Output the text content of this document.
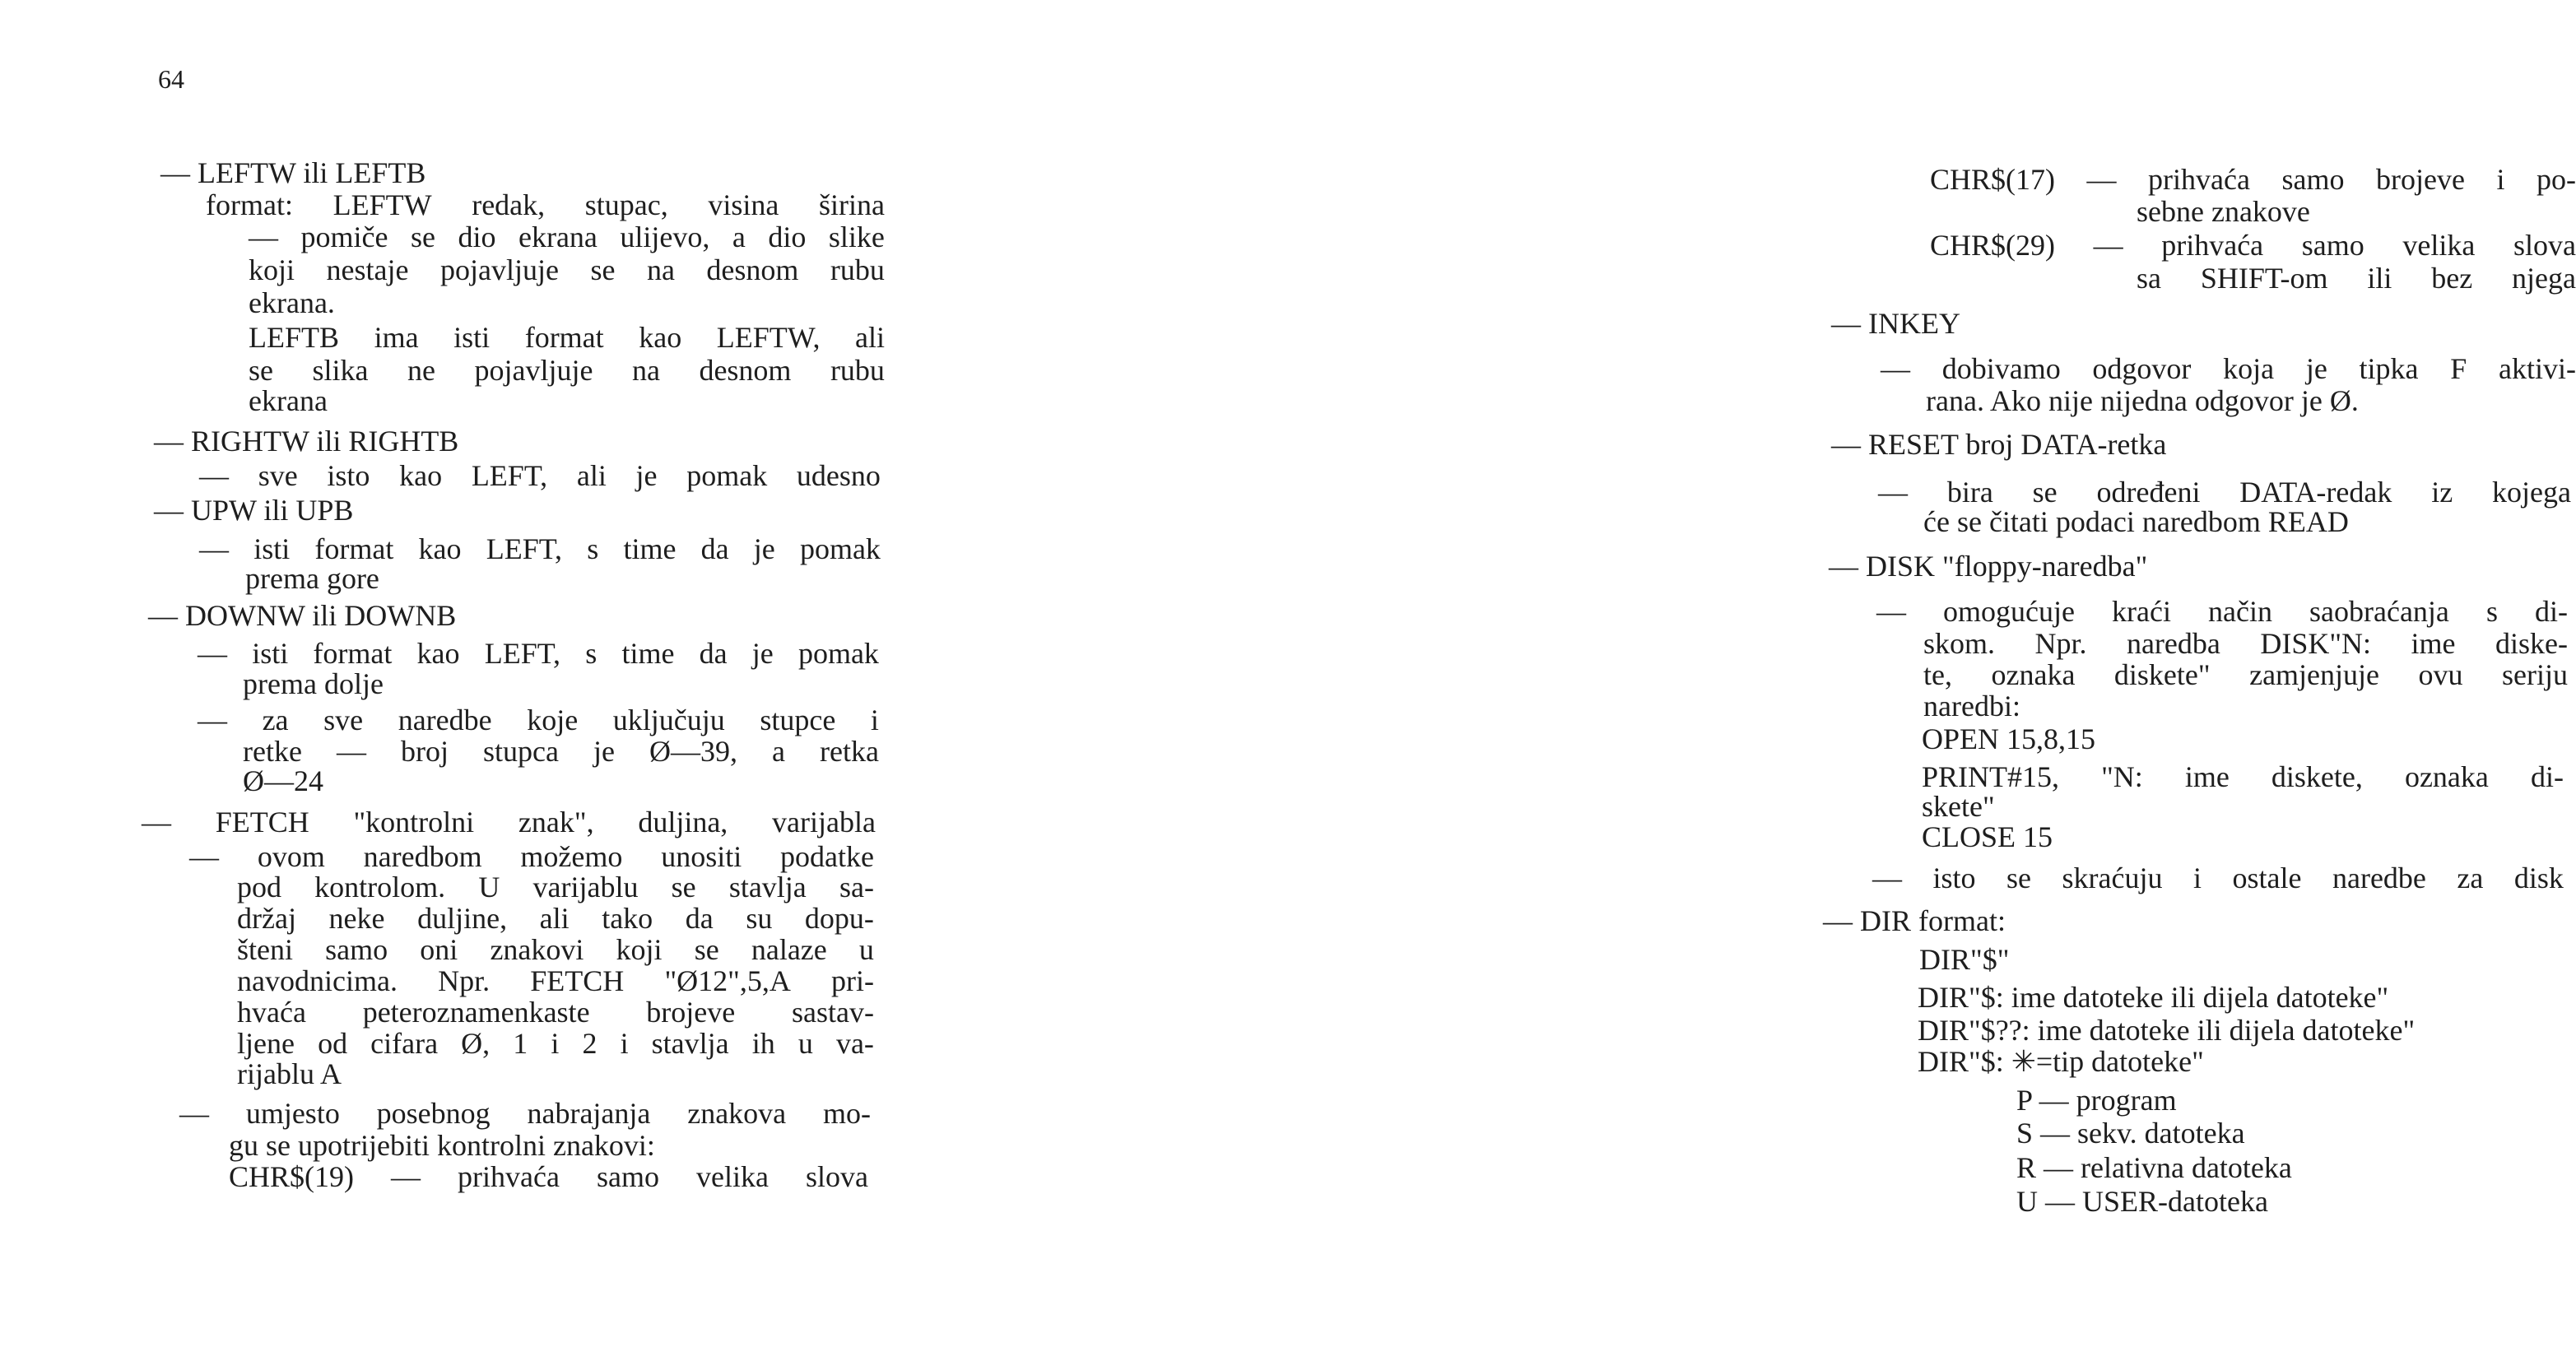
64
— LEFTW ili LEFTB
format: LEFTW redak, stupac, visina širina
— pomiče se dio ekrana ulijevo, a dio slike
koji nestaje pojavljuje se na desnom rubu
ekrana.
LEFTB ima isti format kao LEFTW, ali
se slika ne pojavljuje na desnom rubu
ekrana
— RIGHTW ili RIGHTB
— sve isto kao LEFT, ali je pomak udesno
— UPW ili UPB
— isti format kao LEFT, s time da je pomak
prema gore
— DOWNW ili DOWNB
— isti format kao LEFT, s time da je pomak
prema dolje
— za sve naredbe koje uključuju stupce i
retke — broj stupca je Ø—39, a retka
Ø—24
— FETCH "kontrolni znak", duljina, varijabla
— ovom naredbom možemo unositi podatke
pod kontrolom. U varijablu se stavlja sa-
držaj neke duljine, ali tako da su dopu-
šteni samo oni znakovi koji se nalaze u
navodnicima. Npr. FETCH "Ø12",5,A pri-
hvaća peteroznamenkaste brojeve sastav-
ljene od cifara Ø, 1 i 2 i stavlja ih u va-
rijablu A
— umjesto posebnog nabrajanja znakova mo-
gu se upotrijebiti kontrolni znakovi:
CHR$(19) — prihvaća samo velika slova
CHR$(17) — prihvaća samo brojeve i po-
sebne znakove
CHR$(29) — prihvaća samo velika slova
sa SHIFT-om ili bez njega
— INKEY
— dobivamo odgovor koja je tipka F aktivi-
rana. Ako nije nijedna odgovor je Ø.
— RESET broj DATA-retka
— bira se određeni DATA-redak iz kojega
će se čitati podaci naredbom READ
— DISK "floppy-naredba"
— omogućuje kraći način saobraćanja s di-
skom. Npr. naredba DISK"N: ime diske-
te, oznaka diskete" zamjenjuje ovu seriju
naredbi:
OPEN 15,8,15
PRINT#15, "N: ime diskete, oznaka di-
skete"
CLOSE 15
— isto se skraćuju i ostale naredbe za disk
— DIR format:
DIR"$"
DIR"$: ime datoteke ili dijela datoteke"
DIR"$??: ime datoteke ili dijela datoteke"
DIR"$: ✳=tip datoteke"
P — program
S — sekv. datoteka
R — relativna datoteka
U — USER-datoteka
